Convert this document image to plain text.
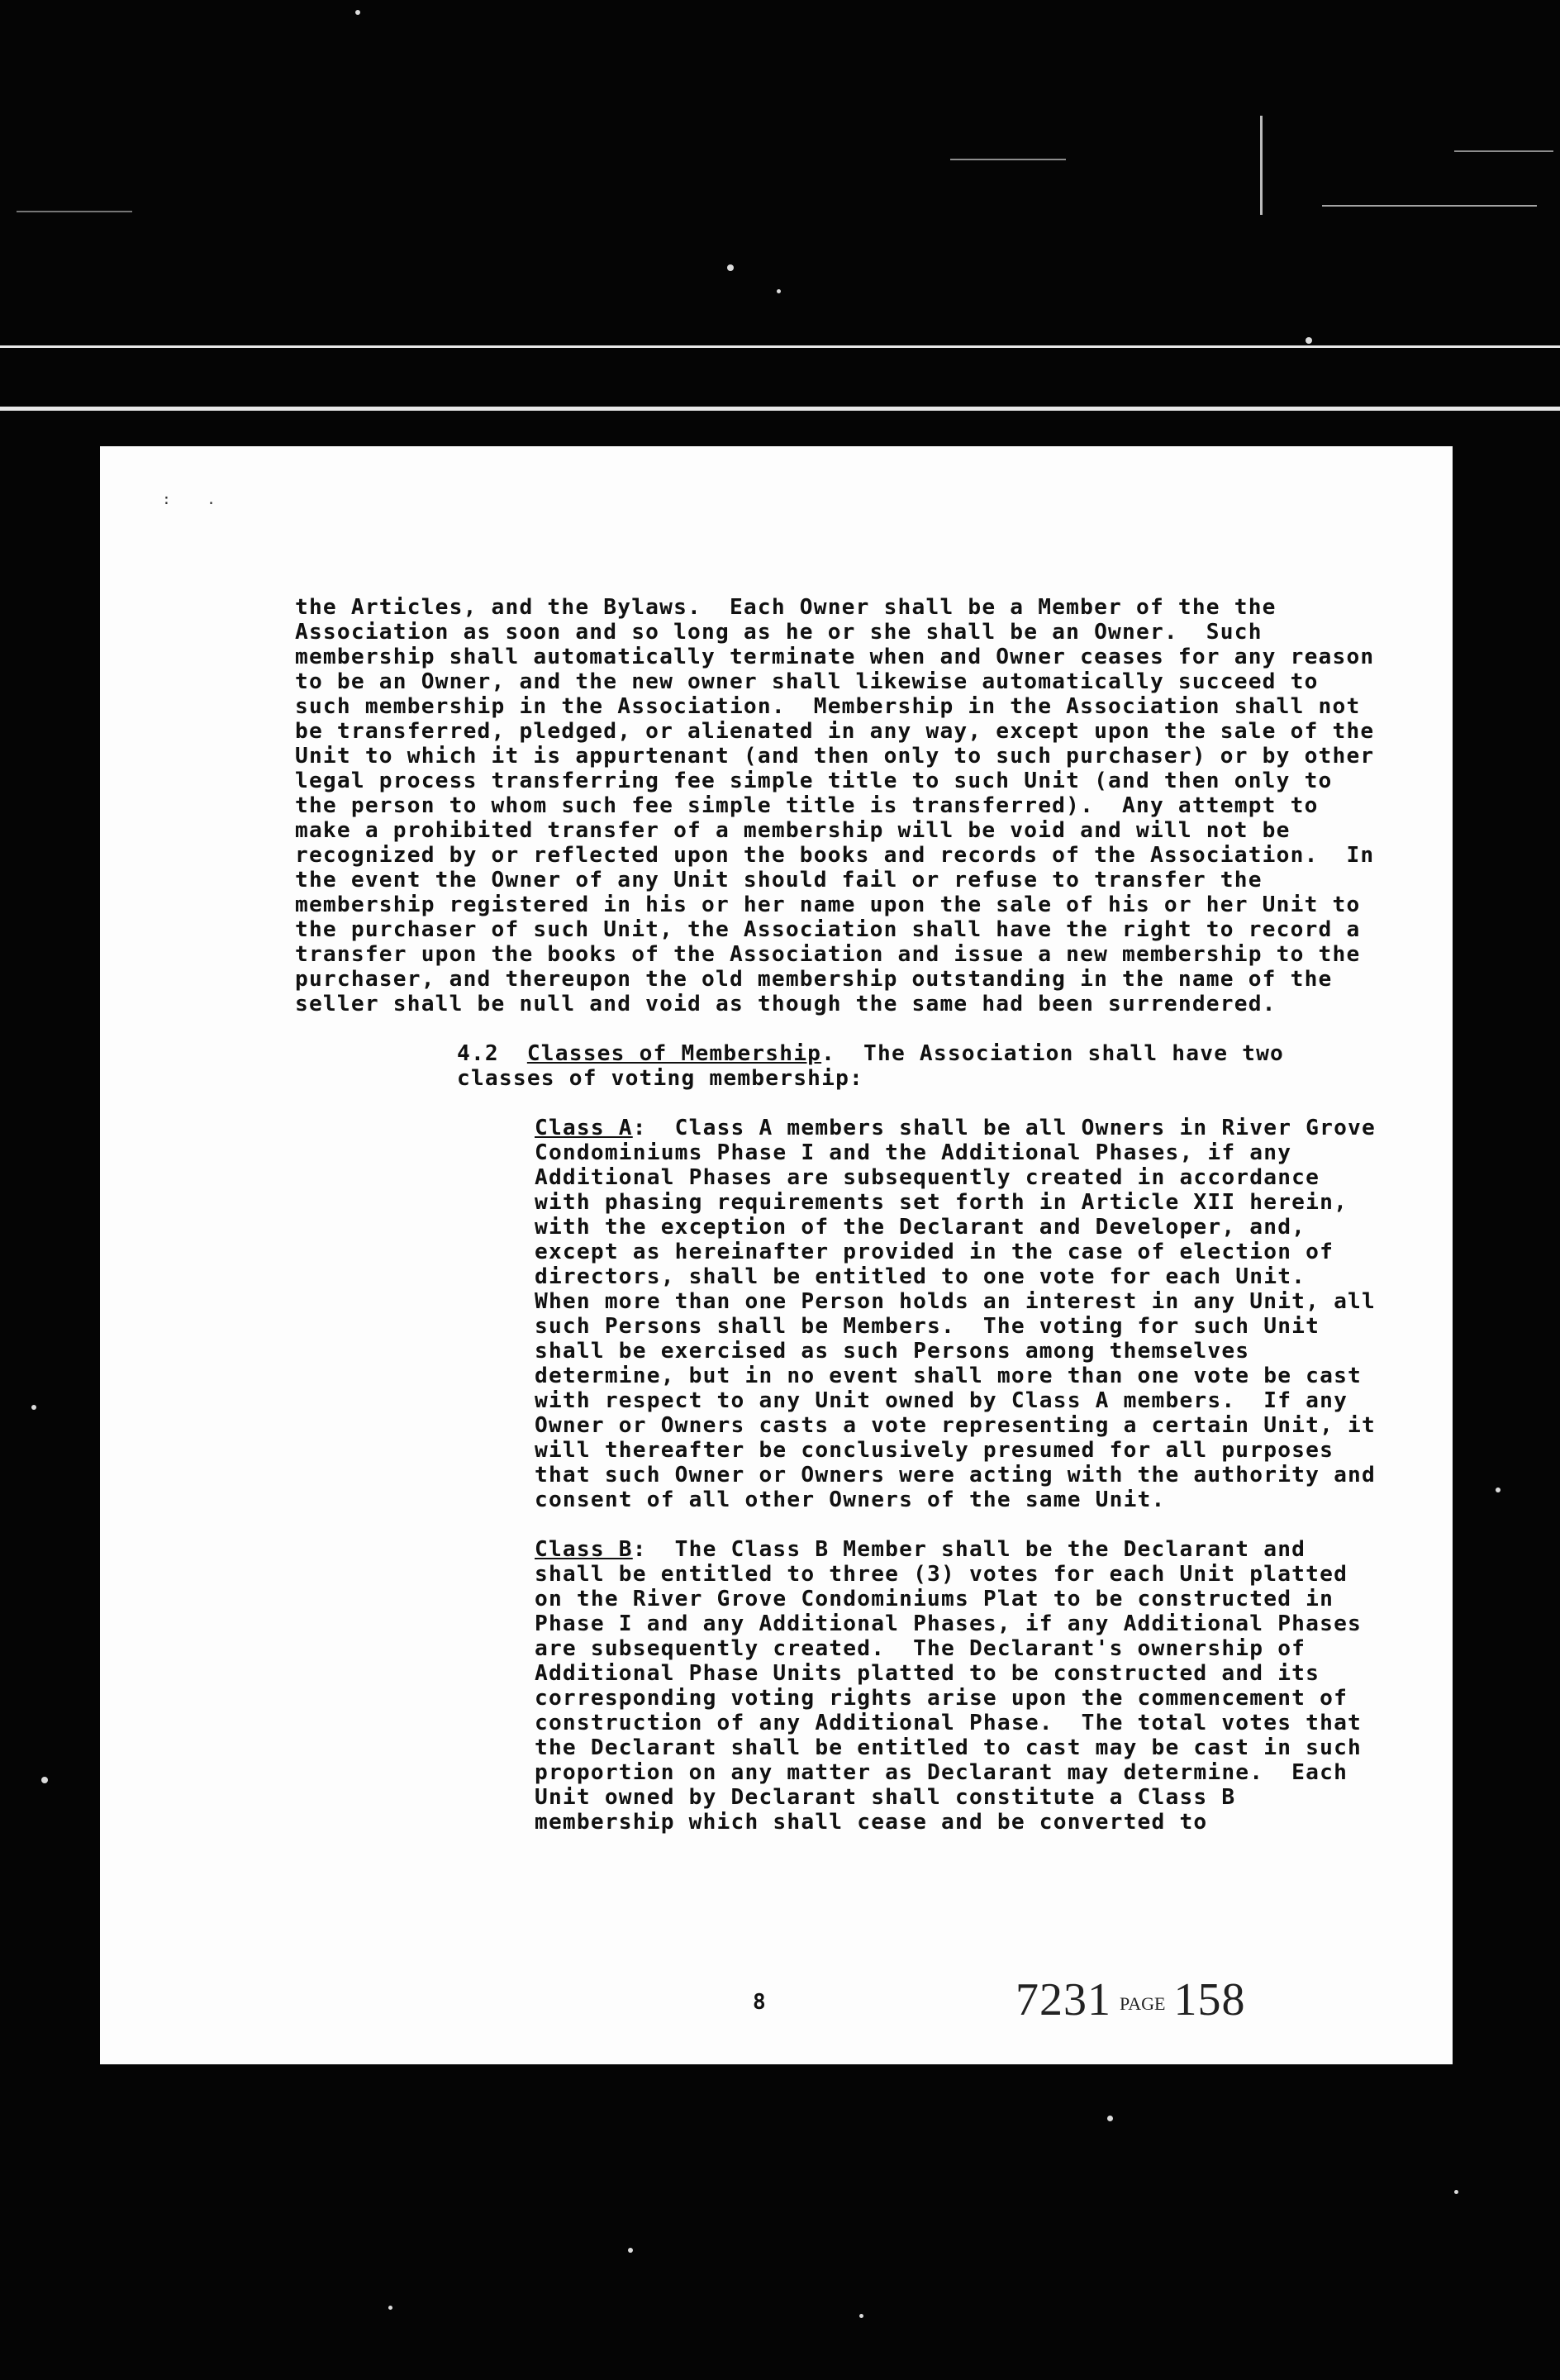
:    .

the Articles, and the Bylaws.  Each Owner shall be a Member of the the Association as soon and so long as he or she shall be an Owner.  Such membership shall automatically terminate when and Owner ceases for any reason to be an Owner, and the new owner shall likewise automatically succeed to such membership in the Association.  Membership in the Association shall not be transferred, pledged, or alienated in any way, except upon the sale of the Unit to which it is appurtenant (and then only to such purchaser) or by other legal process transferring fee simple title to such Unit (and then only to the person to whom such fee simple title is transferred).  Any attempt to make a prohibited transfer of a membership will be void and will not be recognized by or reflected upon the books and records of the Association.  In the event the Owner of any Unit should fail or refuse to transfer the membership registered in his or her name upon the sale of his or her Unit to the purchaser of such Unit, the Association shall have the right to record a transfer upon the books of the Association and issue a new membership to the purchaser, and thereupon the old membership outstanding in the name of the seller shall be null and void as though the same had been surrendered.

4.2 Classes of Membership.  The Association shall have two classes of voting membership:

Class A:  Class A members shall be all Owners in River Grove Condominiums Phase I and the Additional Phases, if any Additional Phases are subsequently created in accordance with phasing requirements set forth in Article XII herein, with the exception of the Declarant and Developer, and, except as hereinafter provided in the case of election of directors, shall be entitled to one vote for each Unit.  When more than one Person holds an interest in any Unit, all such Persons shall be Members.  The voting for such Unit shall be exercised as such Persons among themselves determine, but in no event shall more than one vote be cast with respect to any Unit owned by Class A members.  If any Owner or Owners casts a vote representing a certain Unit, it will thereafter be conclusively presumed for all purposes that such Owner or Owners were acting with the authority and consent of all other Owners of the same Unit.

Class B:  The Class B Member shall be the Declarant and shall be entitled to three (3) votes for each Unit platted on the River Grove Condominiums Plat to be constructed in Phase I and any Additional Phases, if any Additional Phases are subsequently created.  The Declarant's ownership of Additional Phase Units platted to be constructed and its corresponding voting rights arise upon the commencement of construction of any Additional Phase.  The total votes that the Declarant shall be entitled to cast may be cast in such proportion on any matter as Declarant may determine.  Each Unit owned by Declarant shall constitute a Class B membership which shall cease and be converted to

8	7231 PAGE 158
